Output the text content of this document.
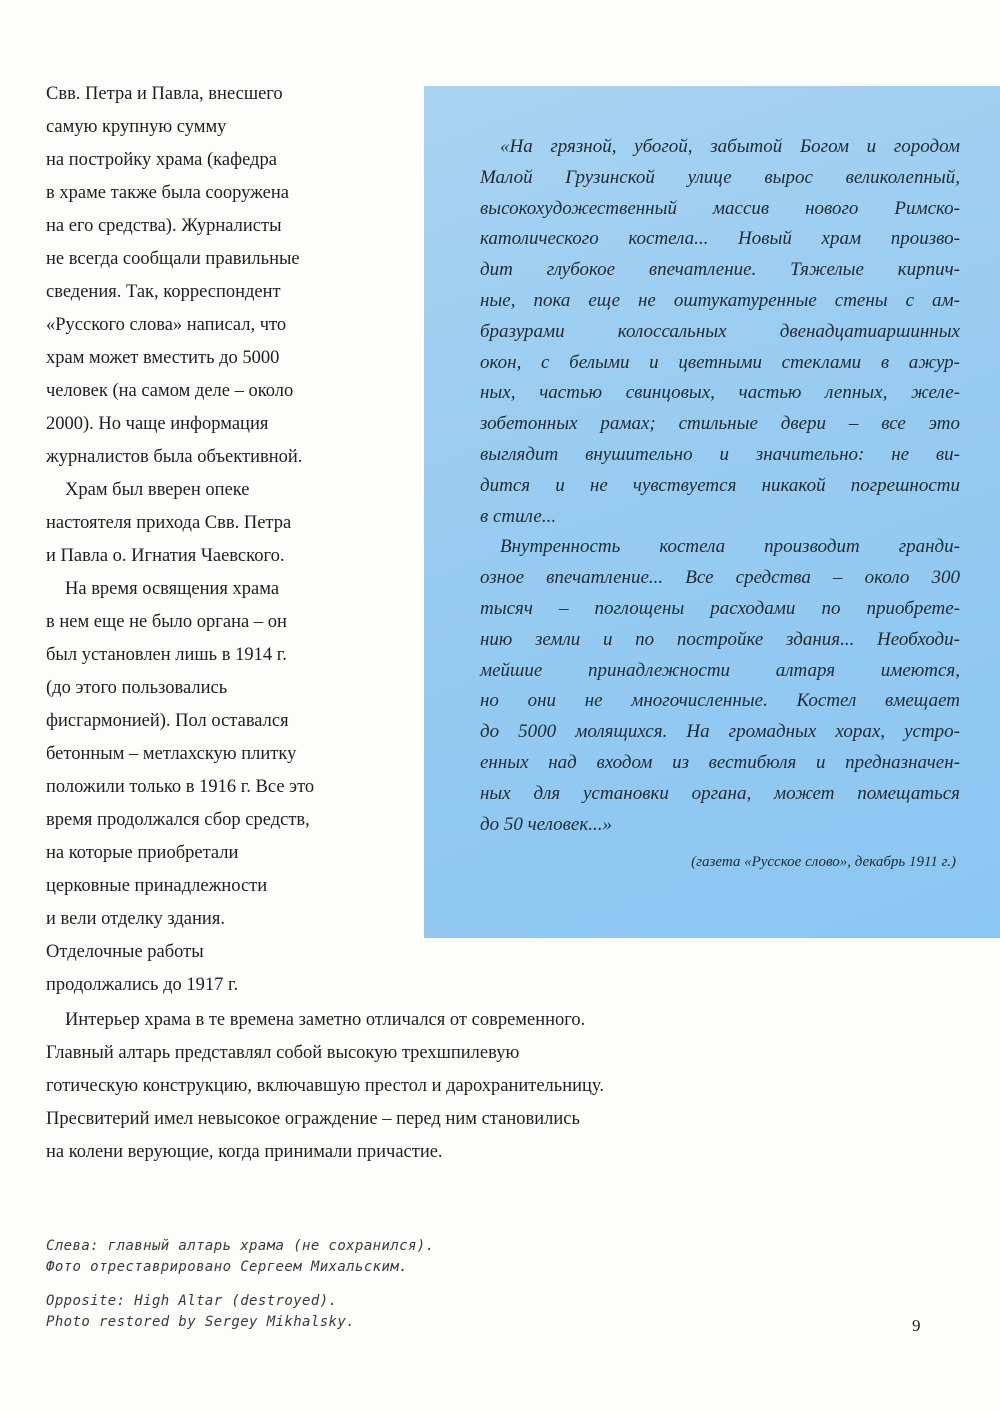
Свв. Петра и Павла, внесшего
самую крупную сумму
на постройку храма (кафедра
в храме также была сооружена
на его средства). Журналисты
не всегда сообщали правильные
сведения. Так, корреспондент
«Русского слова» написал, что
храм может вместить до 5000
человек (на самом деле – около
2000). Но чаще информация
журналистов была объективной.
Храм был вверен опеке
настоятеля прихода Свв. Петра
и Павла о. Игнатия Чаевского.
На время освящения храма
в нем еще не было органа – он
был установлен лишь в 1914 г.
(до этого пользовались
фисгармонией). Пол оставался
бетонным – метлахскую плитку
положили только в 1916 г. Все это
время продолжался сбор средств,
на которые приобретали
церковные принадлежности
и вели отделку здания.
Отделочные работы
продолжались до 1917 г.
«На грязной, убогой, забытой Богом и городом
Малой Грузинской улице вырос великолепный,
высокохудожественный массив нового Римско-
католического костела... Новый храм произво-
дит глубокое впечатление. Тяжелые кирпич-
ные, пока еще не оштукатуренные стены с ам-
бразурами колоссальных двенадцатиаршинных
окон, с белыми и цветными стеклами в ажур-
ных, частью свинцовых, частью лепных, желе-
зобетонных рамах; стильные двери – все это
выглядит внушительно и значительно: не ви-
дится и не чувствуется никакой погрешности
в стиле...
Внутренность костела производит гранди-
озное впечатление... Все средства – около 300
тысяч – поглощены расходами по приобрете-
нию земли и по постройке здания... Необходи-
мейшие принадлежности алтаря имеются,
но они не многочисленные. Костел вмещает
до 5000 молящихся. На громадных хорах, устро-
енных над входом из вестибюля и предназначен-
ных для установки органа, может помещаться
до 50 человек...»
(газета «Русское слово», декабрь 1911 г.)
Интерьер храма в те времена заметно отличался от современного.
Главный алтарь представлял собой высокую трехшпилевую
готическую конструкцию, включавшую престол и дарохранительницу.
Пресвитерий имел невысокое ограждение – перед ним становились
на колени верующие, когда принимали причастие.
Слева: главный алтарь храма (не сохранился).
Фото отреставрировано Сергеем Михальским.
Opposite: High Altar (destroyed).
Photo restored by Sergey Mikhalsky.	9
